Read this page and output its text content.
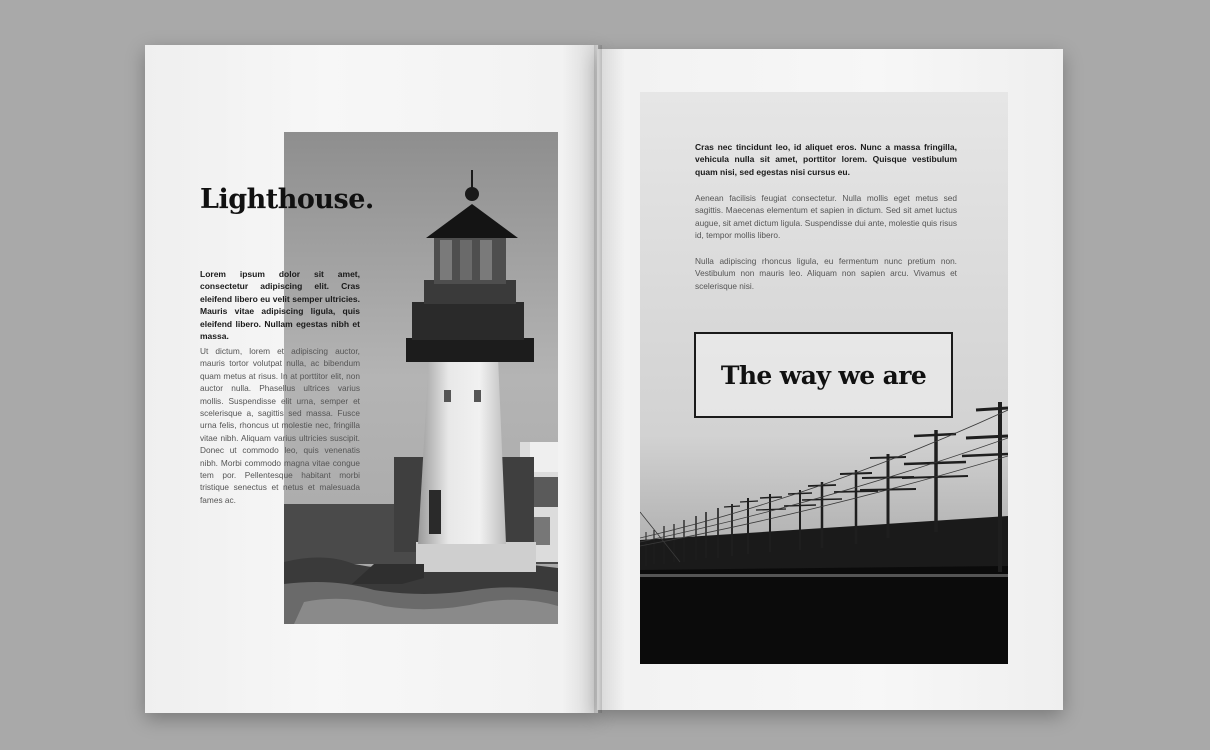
Lighthouse.

Lorem ipsum dolor sit amet, consectetur adipiscing elit. Cras eleifend libero eu velit semper ultricies. Mauris vitae adipiscing ligula, quis eleifend libero. Nullam egestas nibh et massa.

Ut dictum, lorem et adipiscing auctor, mauris tortor volutpat nulla, ac bibendum quam metus at risus. In at porttitor elit, non auctor nulla. Phasellus ultrices varius mollis. Suspendisse elit urna, semper et scelerisque a, sagittis sed massa. Fusce urna felis, rhoncus ut molestie nec, fringilla vitae nibh. Aliquam varius ultricies suscipit. Donec ut commodo leo, quis venenatis nibh. Morbi commodo magna vitae congue tem por. Pellentesque habitant morbi tristique senectus et netus et malesuada fames ac.

Cras nec tincidunt leo, id aliquet eros. Nunc a massa fringilla, vehicula nulla sit amet, porttitor lorem. Quisque vestibulum quam nisi, sed egestas nisi cursus eu.

Aenean facilisis feugiat consectetur. Nulla mollis eget metus sed sagittis. Maecenas elementum et sapien in dictum. Sed sit amet luctus augue, sit amet dictum ligula. Suspendisse dui ante, molestie quis risus id, tempor mollis libero.

Nulla adipiscing rhoncus ligula, eu fermentum nunc pretium non. Vestibulum non mauris leo. Aliquam non sapien arcu. Vivamus et scelerisque nisi.

The way we are
